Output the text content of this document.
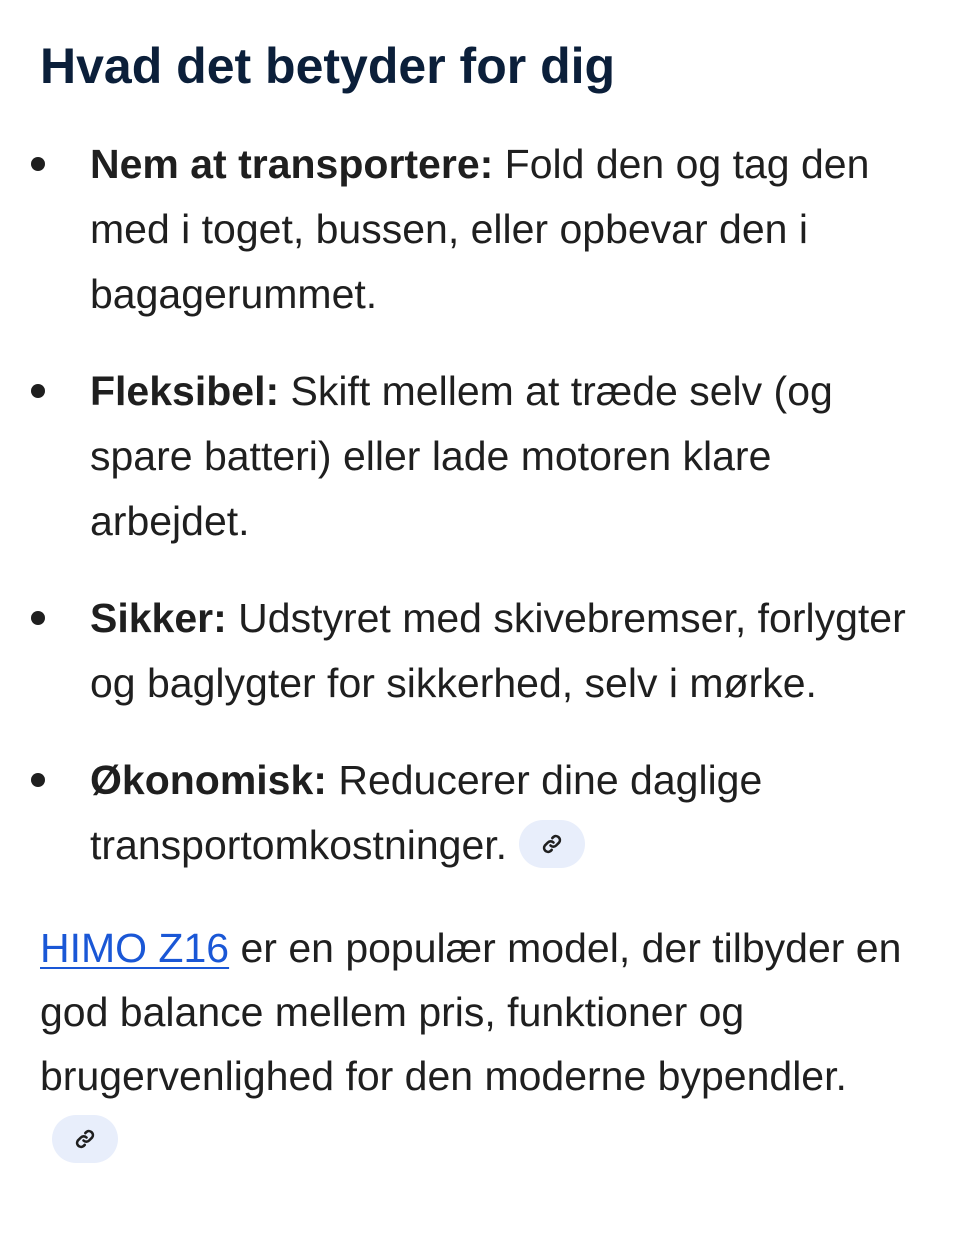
Hvad det betyder for dig
Nem at transportere: Fold den og tag den med i toget, bussen, eller opbevar den i bagagerummet.
Fleksibel: Skift mellem at træde selv (og spare batteri) eller lade motoren klare arbejdet.
Sikker: Udstyret med skivebremser, forlygter og baglygter for sikkerhed, selv i mørke.
Økonomisk: Reducerer dine daglige transportomkostninger.

HIMO Z16 er en populær model, der tilbyder en god balance mellem pris, funktioner og brugervenlighed for den moderne bypendler.
